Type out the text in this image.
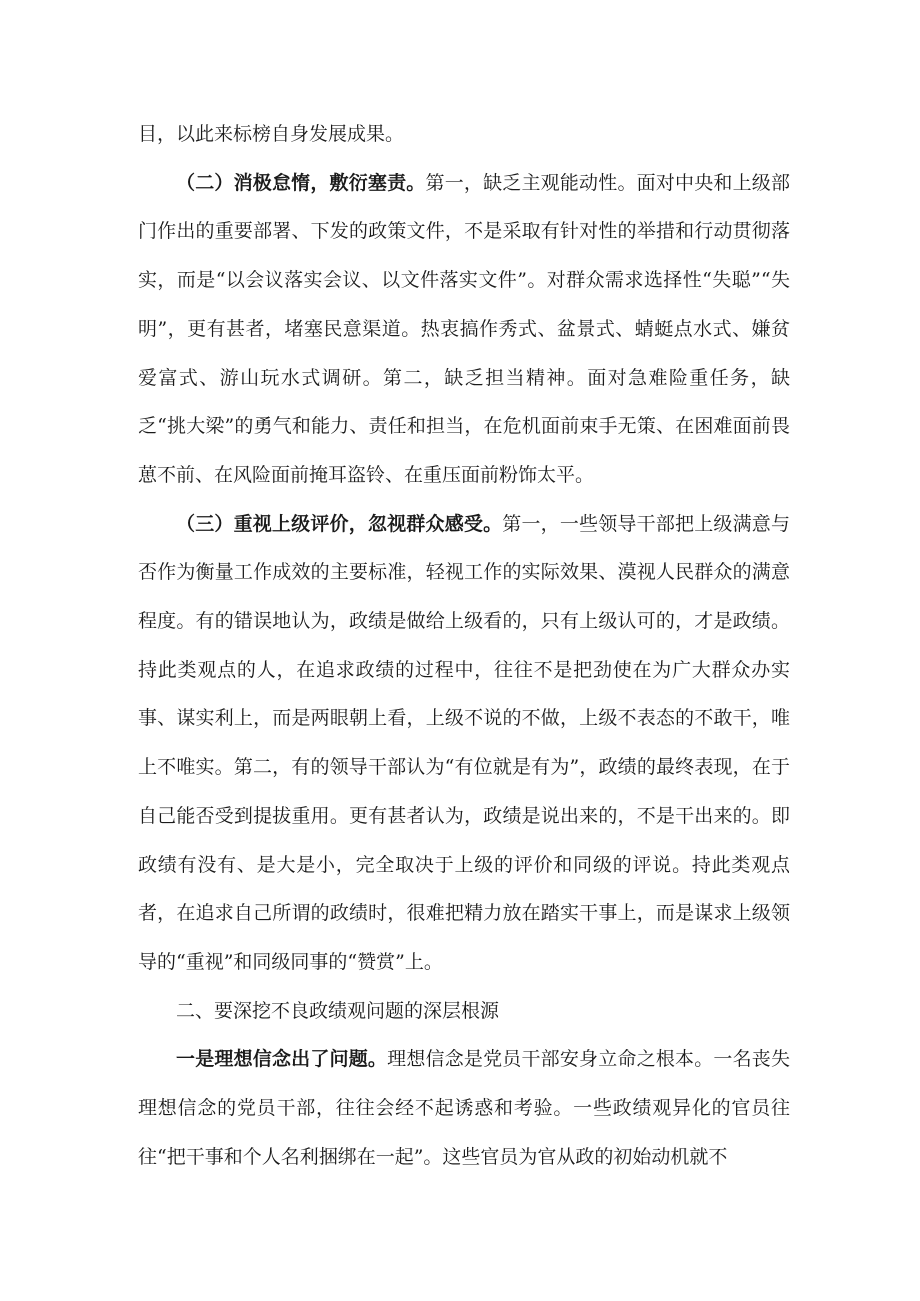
目，以此来标榜自身发展成果。

（二）消极怠惰，敷衍塞责。第一，缺乏主观能动性。面对中央和上级部门作出的重要部署、下发的政策文件，不是采取有针对性的举措和行动贯彻落实，而是“以会议落实会议、以文件落实文件”。对群众需求选择性“失聪”“失明”，更有甚者，堵塞民意渠道。热衷搞作秀式、盆景式、蜻蜓点水式、嫌贫爱富式、游山玩水式调研。第二，缺乏担当精神。面对急难险重任务，缺乏“挑大梁”的勇气和能力、责任和担当，在危机面前束手无策、在困难面前畏葸不前、在风险面前掩耳盗铃、在重压面前粉饰太平。

（三）重视上级评价，忽视群众感受。第一，一些领导干部把上级满意与否作为衡量工作成效的主要标准，轻视工作的实际效果、漠视人民群众的满意程度。有的错误地认为，政绩是做给上级看的，只有上级认可的，才是政绩。持此类观点的人，在追求政绩的过程中，往往不是把劲使在为广大群众办实事、谋实利上，而是两眼朝上看，上级不说的不做，上级不表态的不敢干，唯上不唯实。第二，有的领导干部认为“有位就是有为”，政绩的最终表现，在于自己能否受到提拔重用。更有甚者认为，政绩是说出来的，不是干出来的。即政绩有没有、是大是小，完全取决于上级的评价和同级的评说。持此类观点者，在追求自己所谓的政绩时，很难把精力放在踏实干事上，而是谋求上级领导的“重视”和同级同事的“赞赏”上。

二、要深挖不良政绩观问题的深层根源

一是理想信念出了问题。理想信念是党员干部安身立命之根本。一名丧失理想信念的党员干部，往往会经不起诱惑和考验。一些政绩观异化的官员往往“把干事和个人名利捆绑在一起”。这些官员为官从政的初始动机就不
